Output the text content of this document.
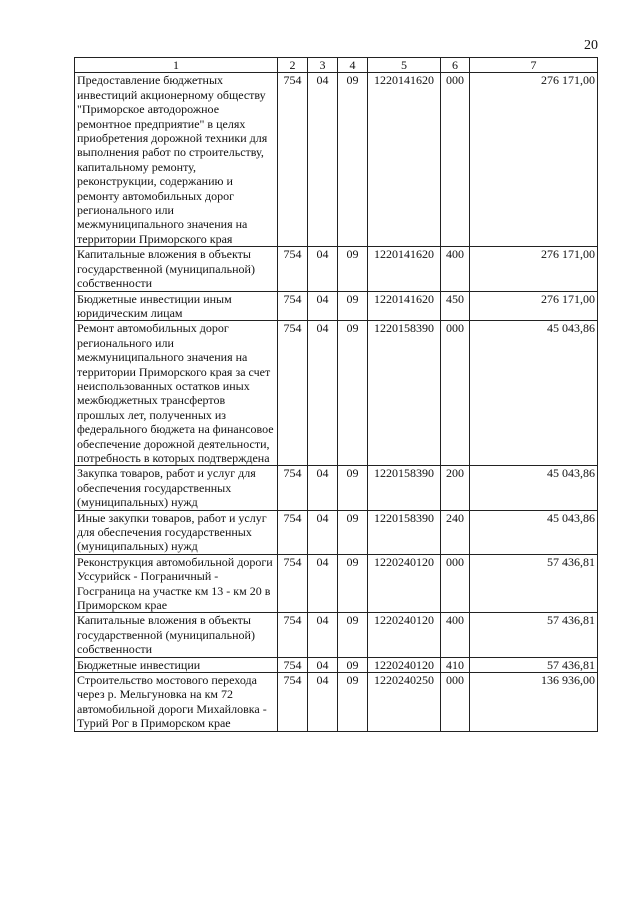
20
1	2	3	4	5	6	7
Предоставление бюджетных инвестиций акционерному обществу "Приморское автодорожное ремонтное предприятие" в целях приобретения дорожной техники для выполнения работ по строительству, капитальному ремонту, реконструкции, содержанию и ремонту автомобильных дорог регионального или межмуниципального значения на территории Приморского края	754	04	09	1220141620	000	276 171,00
Капитальные вложения в объекты государственной (муниципальной) собственности	754	04	09	1220141620	400	276 171,00
Бюджетные инвестиции иным юридическим лицам	754	04	09	1220141620	450	276 171,00
Ремонт автомобильных дорог регионального или межмуниципального значения на территории Приморского края за счет неиспользованных остатков иных межбюджетных трансфертов прошлых лет, полученных из федерального бюджета на финансовое обеспечение дорожной деятельности, потребность в которых подтверждена	754	04	09	1220158390	000	45 043,86
Закупка товаров, работ и услуг для обеспечения государственных (муниципальных) нужд	754	04	09	1220158390	200	45 043,86
Иные закупки товаров, работ и услуг для обеспечения государственных (муниципальных) нужд	754	04	09	1220158390	240	45 043,86
Реконструкция автомобильной дороги Уссурийск - Пограничный - Госграница на участке км 13 - км 20 в Приморском крае	754	04	09	1220240120	000	57 436,81
Капитальные вложения в объекты государственной (муниципальной) собственности	754	04	09	1220240120	400	57 436,81
Бюджетные инвестиции	754	04	09	1220240120	410	57 436,81
Строительство мостового перехода через р. Мельгуновка на км 72 автомобильной дороги Михайловка - Турий Рог в Приморском крае	754	04	09	1220240250	000	136 936,00
